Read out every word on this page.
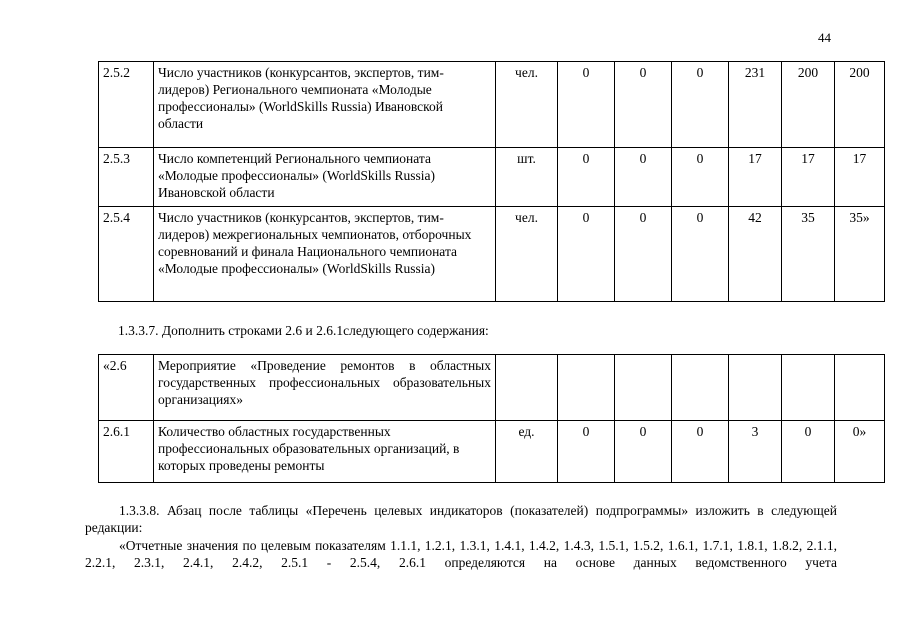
44
2.5.2	Число участников (конкурсантов, экспертов, тим-лидеров) Регионального чемпионата «Молодые профессионалы» (WorldSkills Russia) Ивановской области	чел.	0	0	0	231	200	200
2.5.3	Число компетенций Регионального чемпионата «Молодые профессионалы» (WorldSkills Russia) Ивановской области	шт.	0	0	0	17	17	17
2.5.4	Число участников (конкурсантов, экспертов, тим-лидеров) межрегиональных чемпионатов, отборочных соревнований и финала Национального чемпионата «Молодые профессионалы» (WorldSkills Russia)	чел.	0	0	0	42	35	35»
1.3.3.7. Дополнить строками 2.6 и 2.6.1следующего содержания:
«2.6	Мероприятие «Проведение ремонтов в областных государственных профессиональных образовательных организациях»							
2.6.1	Количество областных государственных профессиональных образовательных организаций, в которых проведены ремонты	ед.	0	0	0	3	0	0»
1.3.3.8. Абзац после таблицы «Перечень целевых индикаторов (показателей) подпрограммы» изложить в следующей редакции:
«Отчетные значения по целевым показателям 1.1.1, 1.2.1, 1.3.1, 1.4.1, 1.4.2, 1.4.3, 1.5.1, 1.5.2, 1.6.1, 1.7.1, 1.8.1, 1.8.2, 2.1.1, 2.2.1, 2.3.1, 2.4.1, 2.4.2, 2.5.1 - 2.5.4, 2.6.1 определяются на основе данных ведомственного учета
